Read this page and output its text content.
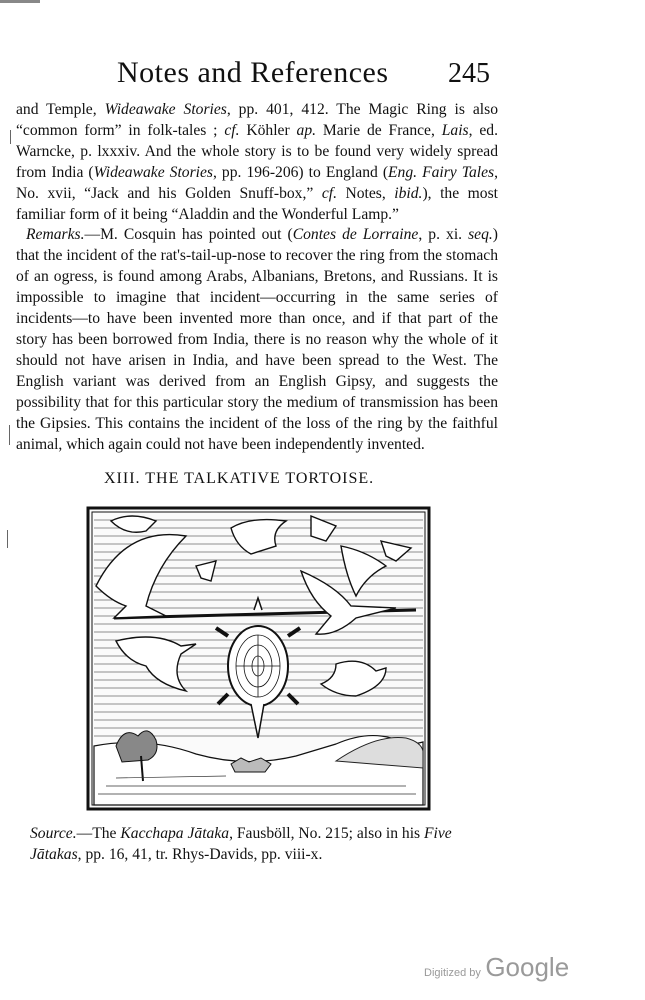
Notes and References 245

and Temple, Wideawake Stories, pp. 401, 412. The Magic Ring is also “common form” in folk-tales ; cf. Köhler ap. Marie de France, Lais, ed. Warncke, p. lxxxiv. And the whole story is to be found very widely spread from India (Wideawake Stories, pp. 196-206) to England (Eng. Fairy Tales, No. xvii, “Jack and his Golden Snuff-box,” cf. Notes, ibid.), the most familiar form of it being “Aladdin and the Wonderful Lamp.”

Remarks.—M. Cosquin has pointed out (Contes de Lorraine, p. xi. seq.) that the incident of the rat's-tail-up-nose to recover the ring from the stomach of an ogress, is found among Arabs, Albanians, Bretons, and Russians. It is impossible to imagine that incident—occurring in the same series of incidents—to have been invented more than once, and if that part of the story has been borrowed from India, there is no reason why the whole of it should not have arisen in India, and have been spread to the West. The English variant was derived from an English Gipsy, and suggests the possibility that for this particular story the medium of transmission has been the Gipsies. This contains the incident of the loss of the ring by the faithful animal, which again could not have been independently invented.

XIII. THE TALKATIVE TORTOISE.

Source.—The Kacchapa Jātaka, Fausböll, No. 215; also in his Five Jātakas, pp. 16, 41, tr. Rhys-Davids, pp. viii-x.

Digitized by Google
